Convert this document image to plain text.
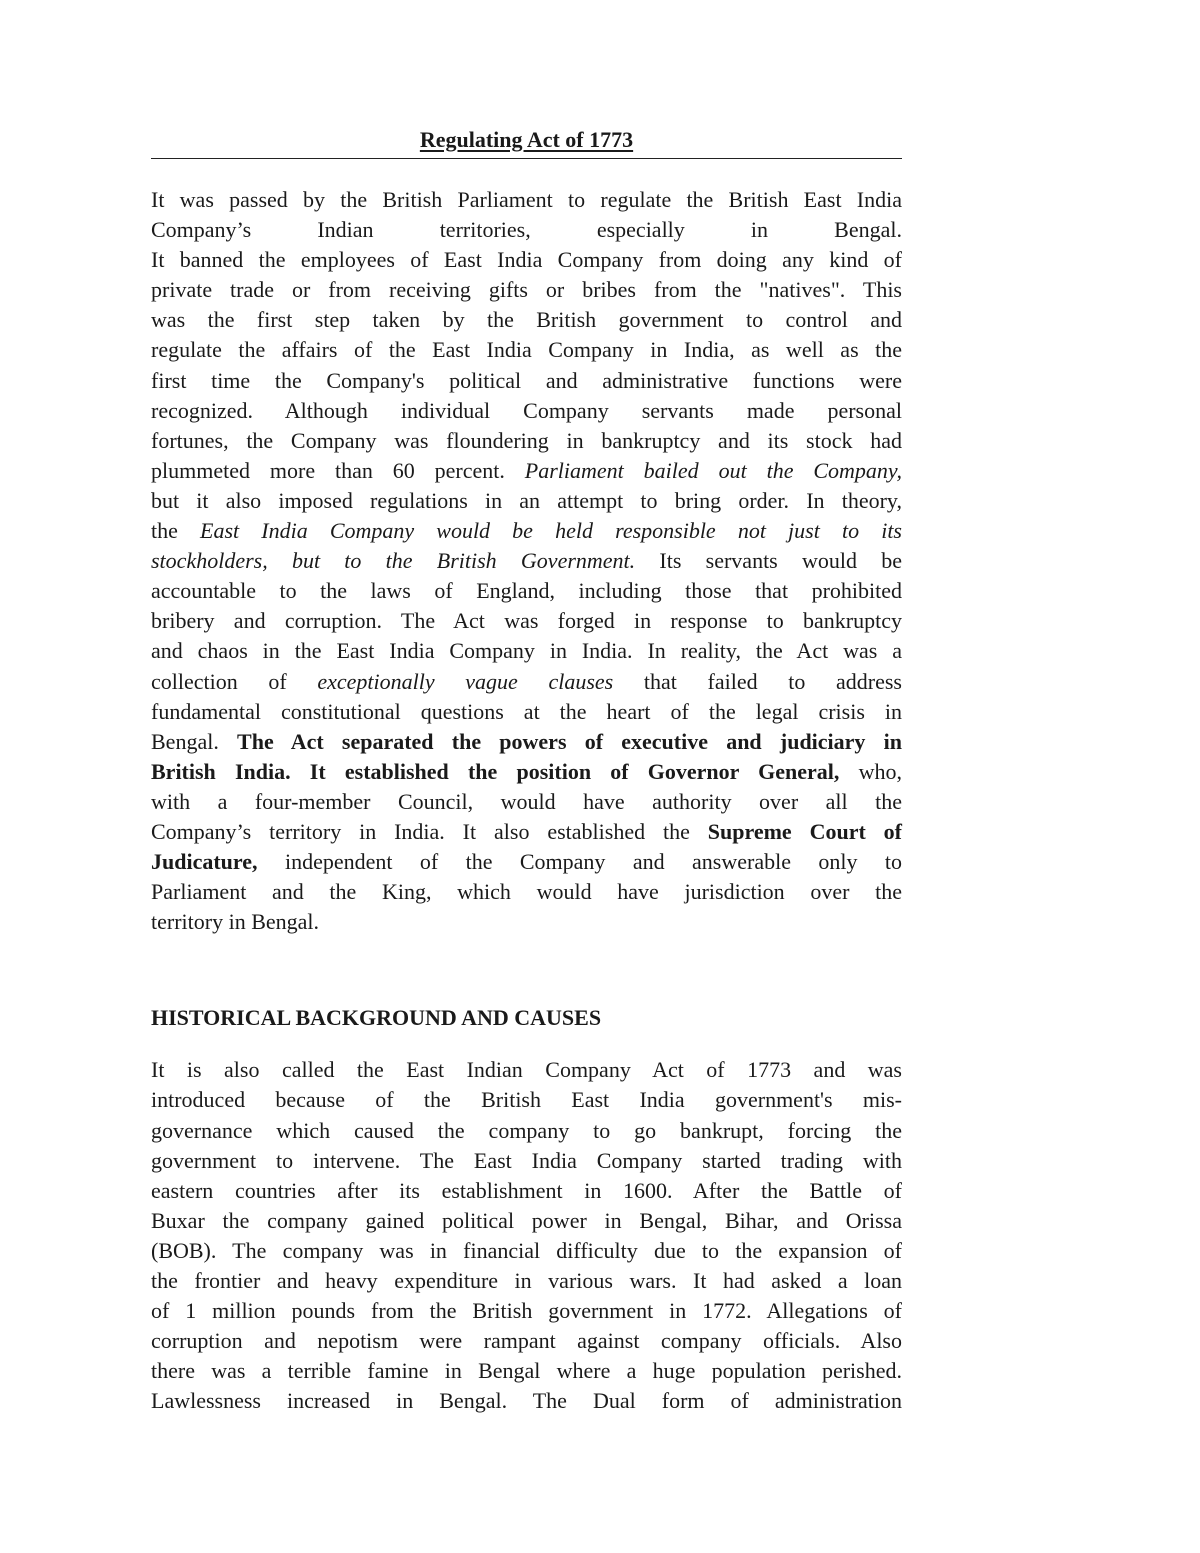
Regulating Act of 1773

It was passed by the British Parliament to regulate the British East India
Company’s Indian territories, especially in Bengal.
It banned the employees of East India Company from doing any kind of
private trade or from receiving gifts or bribes from the "natives". This
was the first step taken by the British government to control and
regulate the affairs of the East India Company in India, as well as the
first time the Company's political and administrative functions were
recognized. Although individual Company servants made personal
fortunes, the Company was floundering in bankruptcy and its stock had
plummeted more than 60 percent. Parliament bailed out the Company,
but it also imposed regulations in an attempt to bring order. In theory,
the East India Company would be held responsible not just to its
stockholders, but to the British Government. Its servants would be
accountable to the laws of England, including those that prohibited
bribery and corruption. The Act was forged in response to bankruptcy
and chaos in the East India Company in India. In reality, the Act was a
collection of exceptionally vague clauses that failed to address
fundamental constitutional questions at the heart of the legal crisis in
Bengal. The Act separated the powers of executive and judiciary in
British India. It established the position of Governor General, who,
with a four-member Council, would have authority over all the
Company’s territory in India. It also established the Supreme Court of
Judicature, independent of the Company and answerable only to
Parliament and the King, which would have jurisdiction over the
territory in Bengal.

HISTORICAL BACKGROUND AND CAUSES

It is also called the East Indian Company Act of 1773 and was
introduced because of the British East India government's mis-
governance which caused the company to go bankrupt, forcing the
government to intervene. The East India Company started trading with
eastern countries after its establishment in 1600. After the Battle of
Buxar the company gained political power in Bengal, Bihar, and Orissa
(BOB). The company was in financial difficulty due to the expansion of
the frontier and heavy expenditure in various wars. It had asked a loan
of 1 million pounds from the British government in 1772. Allegations of
corruption and nepotism were rampant against company officials. Also
there was a terrible famine in Bengal where a huge population perished.
Lawlessness increased in Bengal. The Dual form of administration
